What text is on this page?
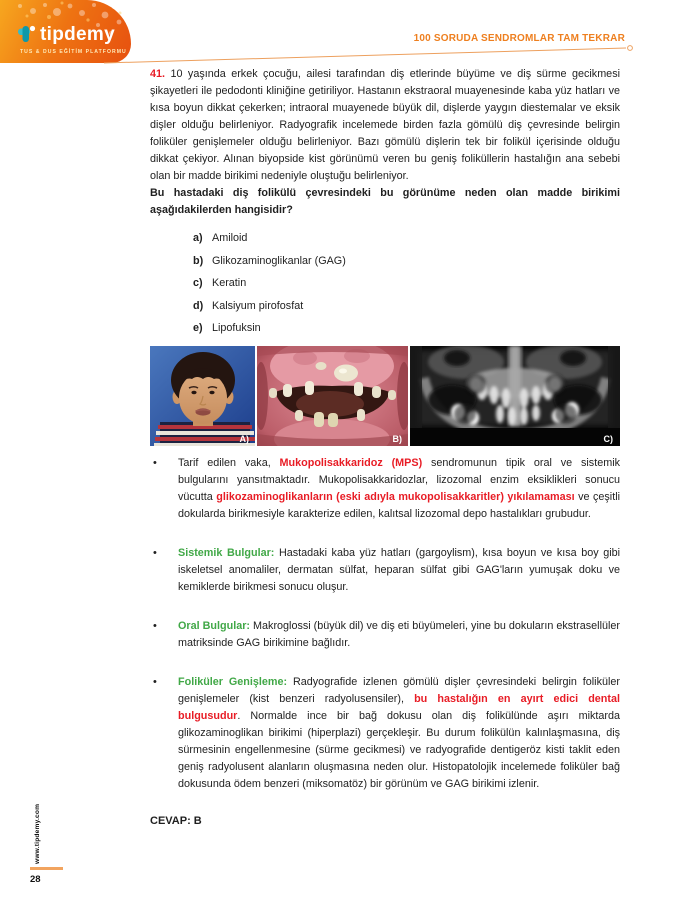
tipdemy
TUS & DUS EĞİTİM PLATFORMU
100 SORUDA SENDROMLAR TAM TEKRAR

41. 10 yaşında erkek çocuğu, ailesi tarafından diş etlerinde büyüme ve diş sürme gecikmesi şikayetleri ile pedodonti kliniğine getiriliyor. Hastanın ekstraoral muayenesinde kaba yüz hatları ve kısa boyun dikkat çekerken; intraoral muayenede büyük dil, dişlerde yaygın diestemalar ve eksik dişler olduğu belirleniyor. Radyografik incelemede birden fazla gömülü diş çevresinde belirgin foliküler genişlemeler olduğu belirleniyor. Bazı gömülü dişlerin tek bir folikül içerisinde olduğu dikkat çekiyor. Alınan biyopside kist görünümü veren bu geniş foliküllerin hastalığın ana sebebi olan bir madde birikimi nedeniyle oluştuğu belirleniyor.

Bu hastadaki diş folikülü çevresindeki bu görünüme neden olan madde birikimi aşağıdakilerden hangisidir?

a) Amiloid
b) Glikozaminoglikanlar (GAG)
c) Keratin
d) Kalsiyum pirofosfat
e) Lipofuksin
A)	B)	C)
•	Tarif edilen vaka, Mukopolisakkaridoz (MPS) sendromunun tipik oral ve sistemik bulgularını yansıtmaktadır. Mukopolisakkaridozlar, lizozomal enzim eksiklikleri sonucu vücutta glikozaminoglikanların (eski adıyla mukopolisakkaritler) yıkılamaması ve çeşitli dokularda birikmesiyle karakterize edilen, kalıtsal lizozomal depo hastalıkları grubudur.
•	Sistemik Bulgular: Hastadaki kaba yüz hatları (gargoylism), kısa boyun ve kısa boy gibi iskeletsel anomaliler, dermatan sülfat, heparan sülfat gibi GAG'ların yumuşak doku ve kemiklerde birikmesi sonucu oluşur.
•	Oral Bulgular: Makroglossi (büyük dil) ve diş eti büyümeleri, yine bu dokuların ekstrasellüler matriksinde GAG birikimine bağlıdır.
•	Foliküler Genişleme: Radyografide izlenen gömülü dişler çevresindeki belirgin foliküler genişlemeler (kist benzeri radyolusensiler), bu hastalığın en ayırt edici dental bulgusudur. Normalde ince bir bağ dokusu olan diş folikülünde aşırı miktarda glikozaminoglikan birikimi (hiperplazi) gerçekleşir. Bu durum folikülün kalınlaşmasına, diş sürmesinin engellenmesine (sürme gecikmesi) ve radyografide dentigeröz kisti taklit eden geniş radyolusent alanların oluşmasına neden olur. Histopatolojik incelemede foliküler bağ dokusunda ödem benzeri (miksomatöz) bir görünüm ve GAG birikimi izlenir.
CEVAP: B
www.tipdemy.com
28
